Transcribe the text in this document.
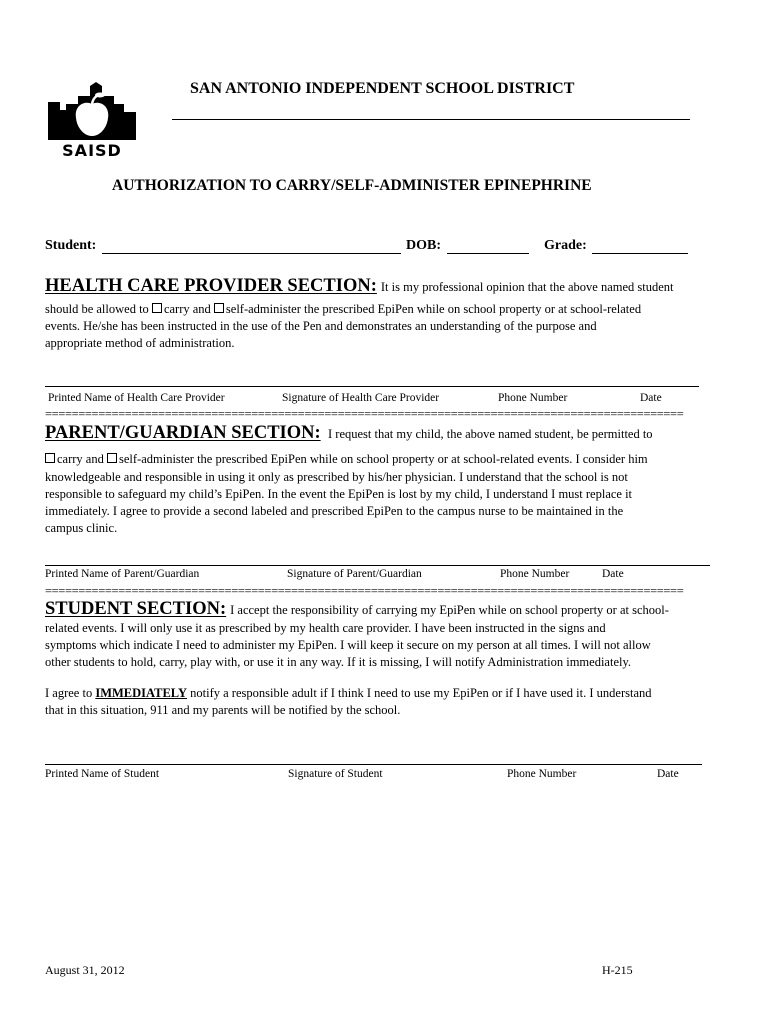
SAISD
SAN ANTONIO INDEPENDENT SCHOOL DISTRICT
AUTHORIZATION TO CARRY/SELF-ADMINISTER EPINEPHRINE
Student:	DOB:	Grade:
HEALTH CARE PROVIDER SECTION: It is my professional opinion that the above named student
should be allowed to carry and self-administer the prescribed EpiPen while on school property or at school-related
events. He/she has been instructed in the use of the Pen and demonstrates an understanding of the purpose and
appropriate method of administration.
Printed Name of Health Care Provider	Signature of Health Care Provider	Phone Number	Date
================================================================================================
PARENT/GUARDIAN SECTION: I request that my child, the above named student, be permitted to
carry and self-administer the prescribed EpiPen while on school property or at school-related events. I consider him
knowledgeable and responsible in using it only as prescribed by his/her physician. I understand that the school is not
responsible to safeguard my child’s EpiPen. In the event the EpiPen is lost by my child, I understand I must replace it
immediately. I agree to provide a second labeled and prescribed EpiPen to the campus nurse to be maintained in the
campus clinic.
Printed Name of Parent/Guardian	Signature of Parent/Guardian	Phone Number	Date
================================================================================================
STUDENT SECTION: I accept the responsibility of carrying my EpiPen while on school property or at school-
related events. I will only use it as prescribed by my health care provider. I have been instructed in the signs and
symptoms which indicate I need to administer my EpiPen. I will keep it secure on my person at all times. I will not allow
other students to hold, carry, play with, or use it in any way. If it is missing, I will notify Administration immediately.
I agree to IMMEDIATELY notify a responsible adult if I think I need to use my EpiPen or if I have used it. I understand
that in this situation, 911 and my parents will be notified by the school.
Printed Name of Student	Signature of Student	Phone Number	Date
August 31, 2012	H-215
